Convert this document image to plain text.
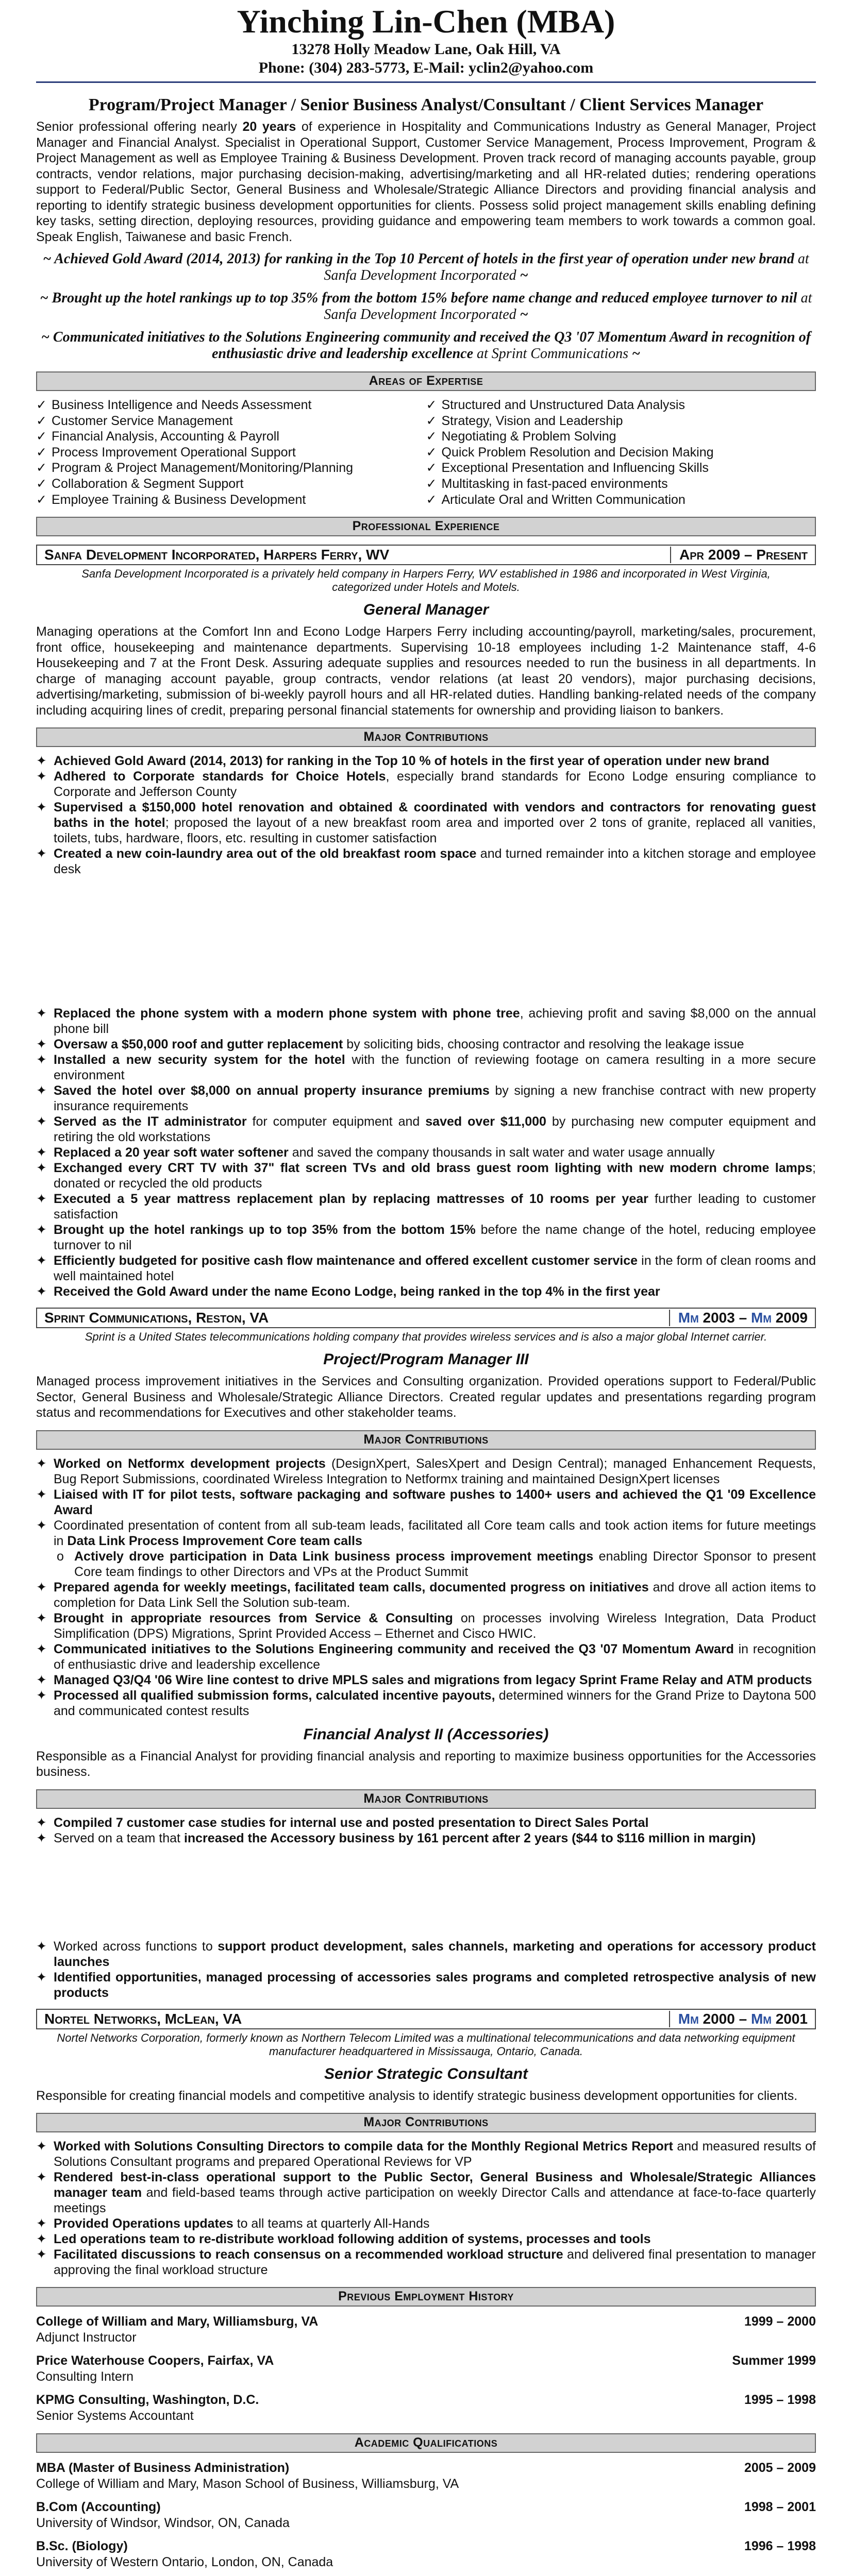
Yinching Lin-Chen (MBA)
13278 Holly Meadow Lane, Oak Hill, VA
Phone: (304) 283-5773, E-Mail: yclin2@yahoo.com
Program/Project Manager / Senior Business Analyst/Consultant / Client Services Manager

Senior professional offering nearly 20 years of experience in Hospitality and Communications Industry as General Manager, Project Manager and Financial Analyst. Specialist in Operational Support, Customer Service Management, Process Improvement, Program & Project Management as well as Employee Training & Business Development. Proven track record of managing accounts payable, group contracts, vendor relations, major purchasing decision-making, advertising/marketing and all HR-related duties; rendering operations support to Federal/Public Sector, General Business and Wholesale/Strategic Alliance Directors and providing financial analysis and reporting to identify strategic business development opportunities for clients. Possess solid project management skills enabling defining key tasks, setting direction, deploying resources, providing guidance and empowering team members to work towards a common goal. Speak English, Taiwanese and basic French.

~ Achieved Gold Award (2014, 2013) for ranking in the Top 10 Percent of hotels in the first year of operation under new brand at Sanfa Development Incorporated ~

~ Brought up the hotel rankings up to top 35% from the bottom 15% before name change and reduced employee turnover to nil at Sanfa Development Incorporated ~

~ Communicated initiatives to the Solutions Engineering community and received the Q3 '07 Momentum Award in recognition of enthusiastic drive and leadership excellence at Sprint Communications ~

Areas of Expertise
✓ Business Intelligence and Needs Assessment
✓ Customer Service Management
✓ Financial Analysis, Accounting & Payroll
✓ Process Improvement Operational Support
✓ Program & Project Management/Monitoring/Planning
✓ Collaboration & Segment Support
✓ Employee Training & Business Development
✓ Structured and Unstructured Data Analysis
✓ Strategy, Vision and Leadership
✓ Negotiating & Problem Solving
✓ Quick Problem Resolution and Decision Making
✓ Exceptional Presentation and Influencing Skills
✓ Multitasking in fast-paced environments
✓ Articulate Oral and Written Communication
Professional Experience
Sanfa Development Incorporated, Harpers Ferry, WV	Apr 2009 – Present
Sanfa Development Incorporated is a privately held company in Harpers Ferry, WV established in 1986 and incorporated in West Virginia, categorized under Hotels and Motels.
General Manager

Managing operations at the Comfort Inn and Econo Lodge Harpers Ferry including accounting/payroll, marketing/sales, procurement, front office, housekeeping and maintenance departments. Supervising 10-18 employees including 1-2 Maintenance staff, 4-6 Housekeeping and 7 at the Front Desk. Assuring adequate supplies and resources needed to run the business in all departments. In charge of managing account payable, group contracts, vendor relations (at least 20 vendors), major purchasing decisions, advertising/marketing, submission of bi-weekly payroll hours and all HR-related duties. Handling banking-related needs of the company including acquiring lines of credit, preparing personal financial statements for ownership and providing liaison to bankers.

Major Contributions
✦ Achieved Gold Award (2014, 2013) for ranking in the Top 10 % of hotels in the first year of operation under new brand
✦ Adhered to Corporate standards for Choice Hotels, especially brand standards for Econo Lodge ensuring compliance to Corporate and Jefferson County
✦ Supervised a $150,000 hotel renovation and obtained & coordinated with vendors and contractors for renovating guest baths in the hotel; proposed the layout of a new breakfast room area and imported over 2 tons of granite, replaced all vanities, toilets, tubs, hardware, floors, etc. resulting in customer satisfaction
✦ Created a new coin-laundry area out of the old breakfast room space and turned remainder into a kitchen storage and employee desk
✦ Replaced the phone system with a modern phone system with phone tree, achieving profit and saving $8,000 on the annual phone bill
✦ Oversaw a $50,000 roof and gutter replacement by soliciting bids, choosing contractor and resolving the leakage issue
✦ Installed a new security system for the hotel with the function of reviewing footage on camera resulting in a more secure environment
✦ Saved the hotel over $8,000 on annual property insurance premiums by signing a new franchise contract with new property insurance requirements
✦ Served as the IT administrator for computer equipment and saved over $11,000 by purchasing new computer equipment and retiring the old workstations
✦ Replaced a 20 year soft water softener and saved the company thousands in salt water and water usage annually
✦ Exchanged every CRT TV with 37" flat screen TVs and old brass guest room lighting with new modern chrome lamps; donated or recycled the old products
✦ Executed a 5 year mattress replacement plan by replacing mattresses of 10 rooms per year further leading to customer satisfaction
✦ Brought up the hotel rankings up to top 35% from the bottom 15% before the name change of the hotel, reducing employee turnover to nil
✦ Efficiently budgeted for positive cash flow maintenance and offered excellent customer service in the form of clean rooms and well maintained hotel
✦ Received the Gold Award under the name Econo Lodge, being ranked in the top 4% in the first year
Sprint Communications, Reston, VA	Mm 2003 – Mm 2009
Sprint is a United States telecommunications holding company that provides wireless services and is also a major global Internet carrier.
Project/Program Manager III

Managed process improvement initiatives in the Services and Consulting organization. Provided operations support to Federal/Public Sector, General Business and Wholesale/Strategic Alliance Directors. Created regular updates and presentations regarding program status and recommendations for Executives and other stakeholder teams.

Major Contributions
✦ Worked on Netformx development projects (DesignXpert, SalesXpert and Design Central); managed Enhancement Requests, Bug Report Submissions, coordinated Wireless Integration to Netformx training and maintained DesignXpert licenses
✦ Liaised with IT for pilot tests, software packaging and software pushes to 1400+ users and achieved the Q1 '09 Excellence Award
✦ Coordinated presentation of content from all sub-team leads, facilitated all Core team calls and took action items for future meetings in Data Link Process Improvement Core team calls
o Actively drove participation in Data Link business process improvement meetings enabling Director Sponsor to present Core team findings to other Directors and VPs at the Product Summit
✦ Prepared agenda for weekly meetings, facilitated team calls, documented progress on initiatives and drove all action items to completion for Data Link Sell the Solution sub-team.
✦ Brought in appropriate resources from Service & Consulting on processes involving Wireless Integration, Data Product Simplification (DPS) Migrations, Sprint Provided Access – Ethernet and Cisco HWIC.
✦ Communicated initiatives to the Solutions Engineering community and received the Q3 '07 Momentum Award in recognition of enthusiastic drive and leadership excellence
✦ Managed Q3/Q4 '06 Wire line contest to drive MPLS sales and migrations from legacy Sprint Frame Relay and ATM products
✦ Processed all qualified submission forms, calculated incentive payouts, determined winners for the Grand Prize to Daytona 500 and communicated contest results
Financial Analyst II (Accessories)

Responsible as a Financial Analyst for providing financial analysis and reporting to maximize business opportunities for the Accessories business.

Major Contributions
✦ Compiled 7 customer case studies for internal use and posted presentation to Direct Sales Portal
✦ Served on a team that increased the Accessory business by 161 percent after 2 years ($44 to $116 million in margin)
✦ Worked across functions to support product development, sales channels, marketing and operations for accessory product launches
✦ Identified opportunities, managed processing of accessories sales programs and completed retrospective analysis of new products
Nortel Networks, McLean, VA	Mm 2000 – Mm 2001
Nortel Networks Corporation, formerly known as Northern Telecom Limited was a multinational telecommunications and data networking equipment manufacturer headquartered in Mississauga, Ontario, Canada.
Senior Strategic Consultant

Responsible for creating financial models and competitive analysis to identify strategic business development opportunities for clients.

Major Contributions
✦ Worked with Solutions Consulting Directors to compile data for the Monthly Regional Metrics Report and measured results of Solutions Consultant programs and prepared Operational Reviews for VP
✦ Rendered best-in-class operational support to the Public Sector, General Business and Wholesale/Strategic Alliances manager team and field-based teams through active participation on weekly Director Calls and attendance at face-to-face quarterly meetings
✦ Provided Operations updates to all teams at quarterly All-Hands
✦ Led operations team to re-distribute workload following addition of systems, processes and tools
✦ Facilitated discussions to reach consensus on a recommended workload structure and delivered final presentation to manager approving the final workload structure
Previous Employment History
College of William and Mary, Williamsburg, VA	1999 – 2000
Adjunct Instructor
Price Waterhouse Coopers, Fairfax, VA	Summer 1999
Consulting Intern
KPMG Consulting, Washington, D.C.	1995 – 1998
Senior Systems Accountant
Academic Qualifications
MBA (Master of Business Administration)	2005 – 2009
College of William and Mary, Mason School of Business, Williamsburg, VA
B.Com (Accounting)	1998 – 2001
University of Windsor, Windsor, ON, Canada
B.Sc. (Biology)	1996 – 1998
University of Western Ontario, London, ON, Canada
